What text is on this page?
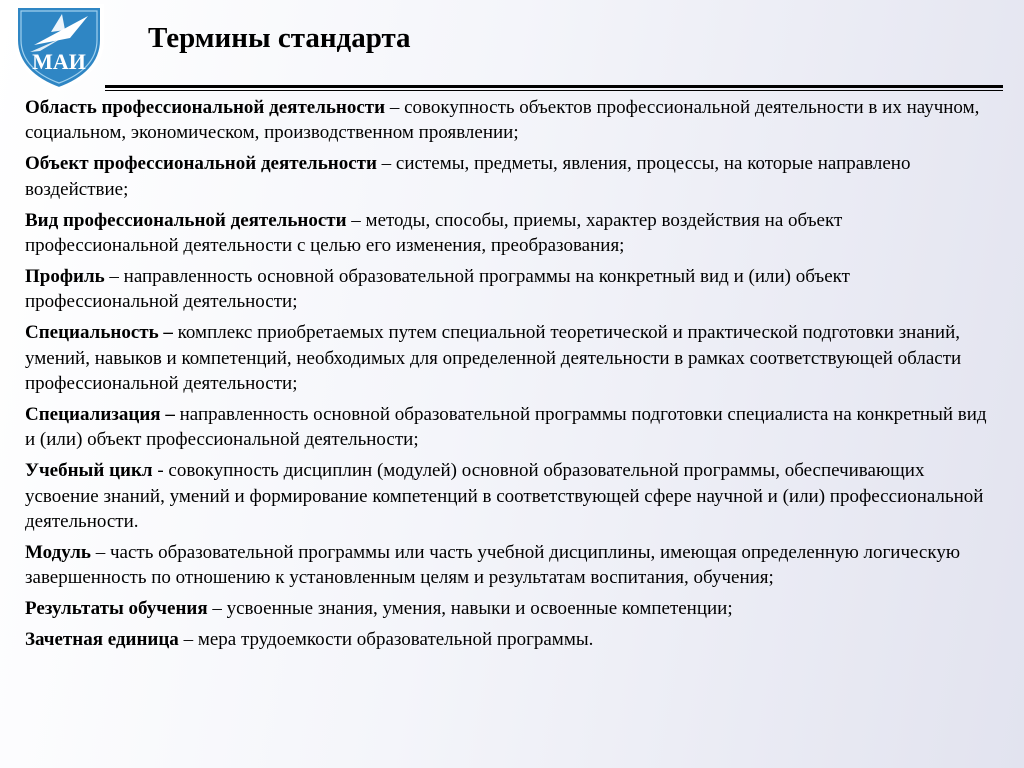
МАИ
Термины стандарта

Область профессиональной деятельности – совокупность объектов профессиональной деятельности в их научном, социальном, экономическом, производственном проявлении;

Объект профессиональной деятельности – системы, предметы, явления, процессы, на которые направлено воздействие;

Вид профессиональной деятельности – методы, способы, приемы, характер воздействия на объект профессиональной деятельности с целью его изменения, преобразования;

Профиль – направленность основной образовательной программы на конкретный вид и (или) объект профессиональной деятельности;

Специальность – комплекс приобретаемых путем специальной теоретической и практической подготовки знаний, умений, навыков и компетенций, необходимых для определенной деятельности в рамках соответствующей области профессиональной деятельности;

Специализация – направленность основной образовательной программы подготовки специалиста на конкретный вид и (или) объект профессиональной деятельности;

Учебный цикл - совокупность дисциплин (модулей) основной образовательной программы, обеспечивающих усвоение знаний, умений и формирование компетенций в соответствующей сфере научной и (или) профессиональной деятельности.

Модуль – часть образовательной программы или часть учебной дисциплины, имеющая определенную логическую завершенность по отношению к установленным целям и результатам воспитания, обучения;

Результаты обучения – усвоенные знания, умения, навыки и освоенные компетенции;

Зачетная единица – мера трудоемкости образовательной программы.
